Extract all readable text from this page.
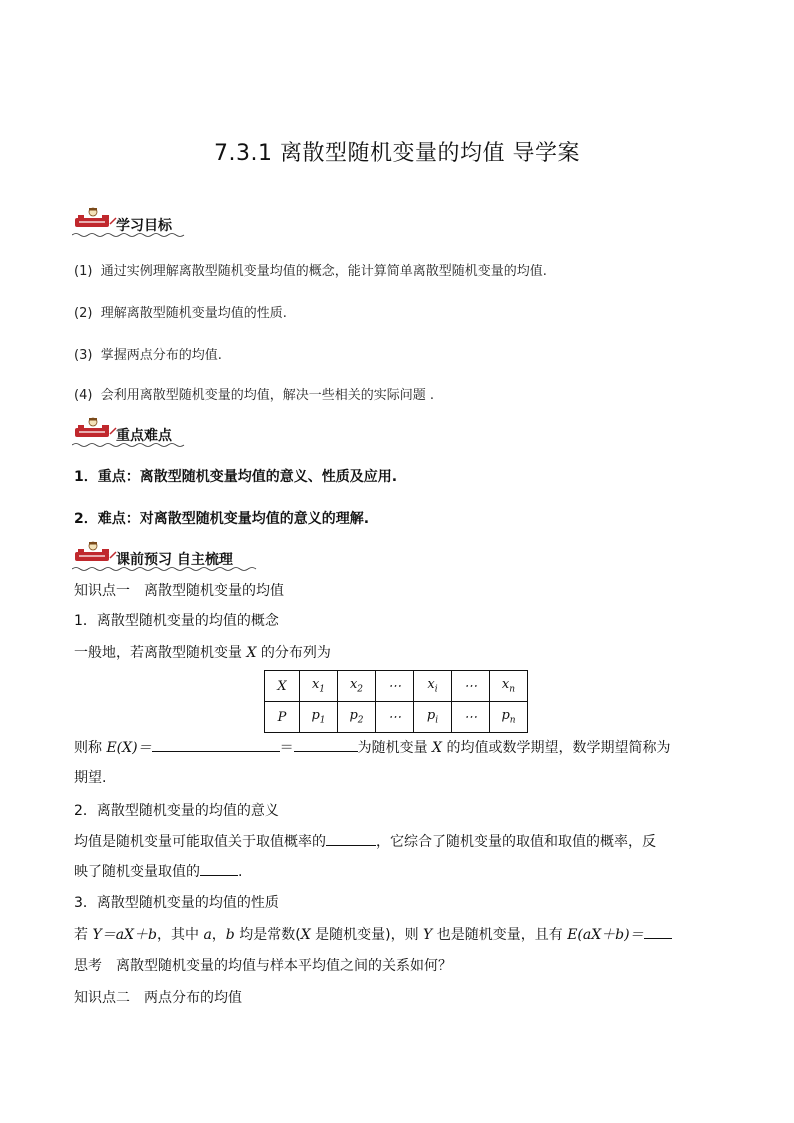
7.3.1 离散型随机变量的均值 导学案
学习目标
(1) 通过实例理解离散型随机变量均值的概念，能计算简单离散型随机变量的均值.
(2) 理解离散型随机变量均值的性质.
(3) 掌握两点分布的均值.
(4) 会利用离散型随机变量的均值，解决一些相关的实际问题 .
重点难点
1．重点：离散型随机变量均值的意义、性质及应用.
2．难点：对离散型随机变量均值的意义的理解.
课前预习 自主梳理
知识点一　离散型随机变量的均值
1．离散型随机变量的均值的概念
一般地，若离散型随机变量 X 的分布列为
X	$x_1$	$x_2$	⋯	$x_i$	⋯	$x_n$
P	$p_1$	$p_2$	⋯	$p_i$	⋯	$p_n$
则称 E(X)＝	＝	为随机变量 X 的均值或数学期望，数学期望简称为
期望.
2．离散型随机变量的均值的意义
均值是随机变量可能取值关于取值概率的	，它综合了随机变量的取值和取值的概率，反
映了随机变量取值的	.
3．离散型随机变量的均值的性质
若 Y＝aX＋b，其中 a，b 均是常数(X 是随机变量)，则 Y 也是随机变量，且有 E(aX＋b)＝
思考　离散型随机变量的均值与样本平均值之间的关系如何？
知识点二　两点分布的均值
